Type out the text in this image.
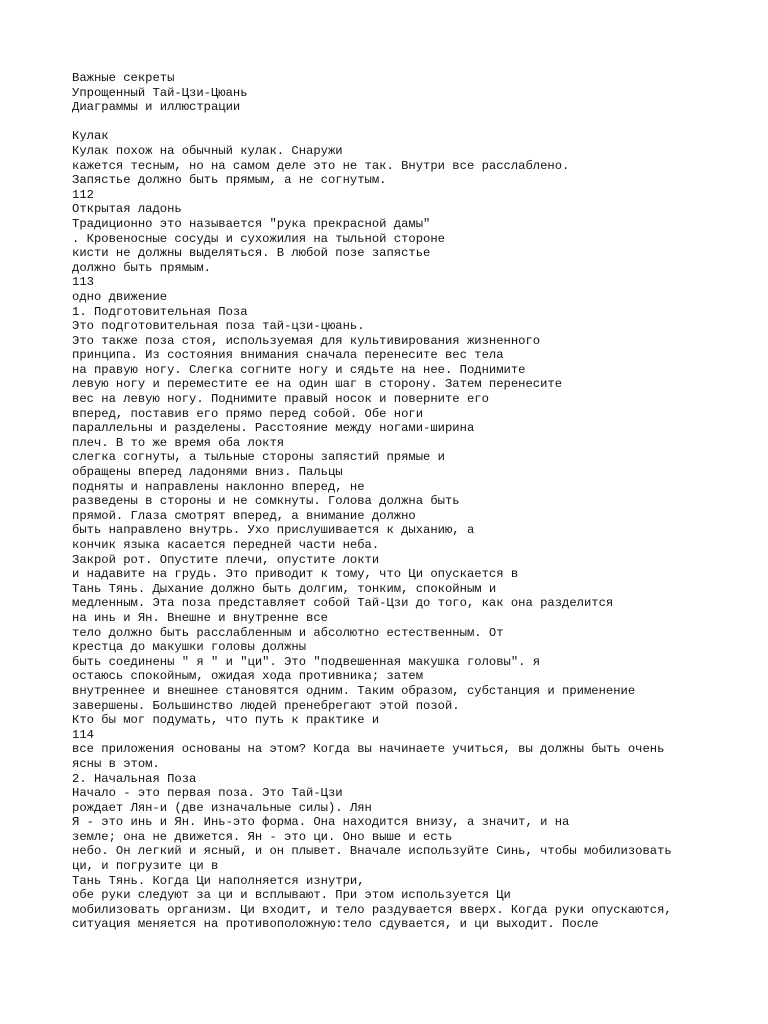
Важные секреты
Упрощенный Тай-Цзи-Цюань
Диаграммы и иллюстрации
Кулак
Кулак похож на обычный кулак. Снаружи
кажется тесным, но на самом деле это не так. Внутри все расслаблено.
Запястье должно быть прямым, а не согнутым.
112
Открытая ладонь
Традиционно это называется "рука прекрасной дамы"
. Кровеносные сосуды и сухожилия на тыльной стороне
кисти не должны выделяться. В любой позе запястье
должно быть прямым.
113
одно движение
1. Подготовительная Поза
Это подготовительная поза тай-цзи-цюань.
Это также поза стоя, используемая для культивирования жизненного
принципа. Из состояния внимания сначала перенесите вес тела
на правую ногу. Слегка согните ногу и сядьте на нее. Поднимите
левую ногу и переместите ее на один шаг в сторону. Затем перенесите
вес на левую ногу. Поднимите правый носок и поверните его
вперед, поставив его прямо перед собой. Обе ноги
параллельны и разделены. Расстояние между ногами-ширина
плеч. В то же время оба локтя
слегка согнуты, а тыльные стороны запястий прямые и
обращены вперед ладонями вниз. Пальцы
подняты и направлены наклонно вперед, не
разведены в стороны и не сомкнуты. Голова должна быть
прямой. Глаза смотрят вперед, а внимание должно
быть направлено внутрь. Ухо прислушивается к дыханию, а
кончик языка касается передней части неба.
Закрой рот. Опустите плечи, опустите локти
и надавите на грудь. Это приводит к тому, что Ци опускается в
Тань Тянь. Дыхание должно быть долгим, тонким, спокойным и
медленным. Эта поза представляет собой Тай-Цзи до того, как она разделится
на инь и Ян. Внешне и внутренне все
тело должно быть расслабленным и абсолютно естественным. От
крестца до макушки головы должны
быть соединены " я " и "ци". Это "подвешенная макушка головы". я
остаюсь спокойным, ожидая хода противника; затем
внутреннее и внешнее становятся одним. Таким образом, субстанция и применение
завершены. Большинство людей пренебрегают этой позой.
Кто бы мог подумать, что путь к практике и
114
все приложения основаны на этом? Когда вы начинаете учиться, вы должны быть очень
ясны в этом.
2. Начальная Поза
Начало - это первая поза. Это Тай-Цзи
рождает Лян-и (две изначальные силы). Лян
Я - это инь и Ян. Инь-это форма. Она находится внизу, а значит, и на
земле; она не движется. Ян - это ци. Оно выше и есть
небо. Он легкий и ясный, и он плывет. Вначале используйте Синь, чтобы мобилизовать
ци, и погрузите ци в
Тань Тянь. Когда Ци наполняется изнутри,
обе руки следуют за ци и всплывают. При этом используется Ци
мобилизовать организм. Ци входит, и тело раздувается вверх. Когда руки опускаются,
ситуация меняется на противоположную:тело сдувается, и ци выходит. После
